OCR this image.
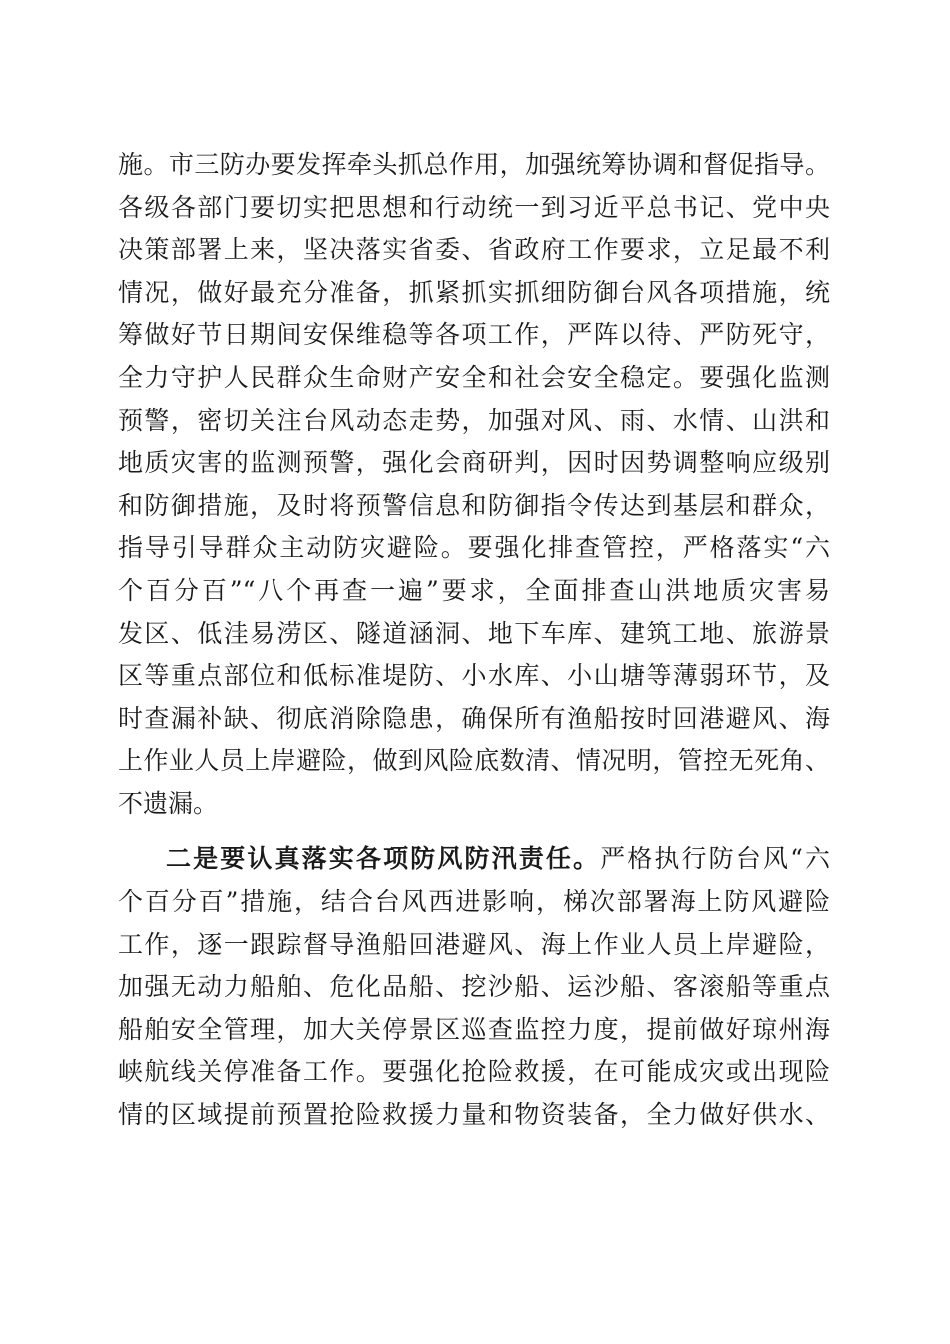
施。市三防办要发挥牵头抓总作用，加强统筹协调和督促指导。
各级各部门要切实把思想和行动统一到习近平总书记、党中央
决策部署上来，坚决落实省委、省政府工作要求，立足最不利
情况，做好最充分准备，抓紧抓实抓细防御台风各项措施，统
筹做好节日期间安保维稳等各项工作，严阵以待、严防死守，
全力守护人民群众生命财产安全和社会安全稳定。要强化监测
预警，密切关注台风动态走势，加强对风、雨、水情、山洪和
地质灾害的监测预警，强化会商研判，因时因势调整响应级别
和防御措施，及时将预警信息和防御指令传达到基层和群众，
指导引导群众主动防灾避险。要强化排查管控，严格落实“六
个百分百”“八个再查一遍”要求，全面排查山洪地质灾害易
发区、低洼易涝区、隧道涵洞、地下车库、建筑工地、旅游景
区等重点部位和低标准堤防、小水库、小山塘等薄弱环节，及
时查漏补缺、彻底消除隐患，确保所有渔船按时回港避风、海
上作业人员上岸避险，做到风险底数清、情况明，管控无死角、
不遗漏。
二是要认真落实各项防风防汛责任。严格执行防台风“六
个百分百”措施，结合台风西进影响，梯次部署海上防风避险
工作，逐一跟踪督导渔船回港避风、海上作业人员上岸避险，
加强无动力船舶、危化品船、挖沙船、运沙船、客滚船等重点
船舶安全管理，加大关停景区巡查监控力度，提前做好琼州海
峡航线关停准备工作。要强化抢险救援，在可能成灾或出现险
情的区域提前预置抢险救援力量和物资装备，全力做好供水、
